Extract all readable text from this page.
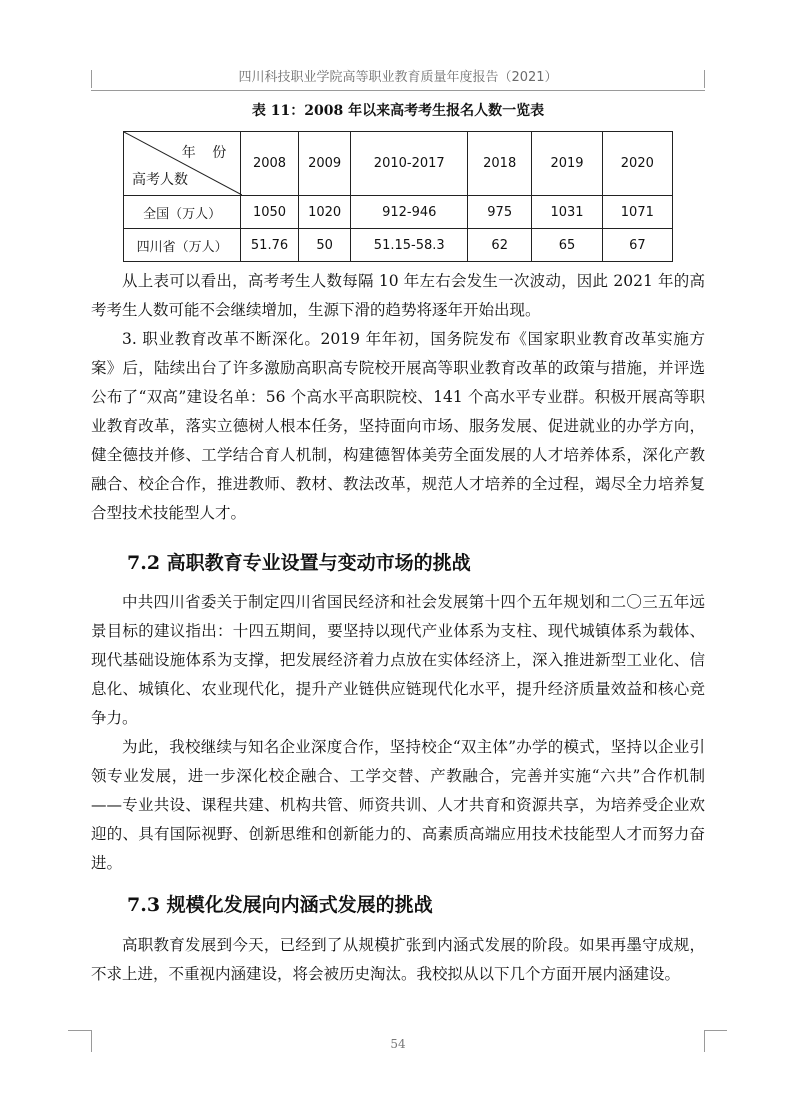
四川科技职业学院高等职业教育质量年度报告（2021）
表 11：2008 年以来高考考生报名人数一览表
年 份
高考人数	2008	2009	2010-2017	2018	2019	2020
全国（万人）	1050	1020	912-946	975	1031	1071
四川省（万人）	51.76	50	51.15-58.3	62	65	67
从上表可以看出，高考考生人数每隔 10 年左右会发生一次波动，因此 2021 年的高考考生人数可能不会继续增加，生源下滑的趋势将逐年开始出现。
3. 职业教育改革不断深化。2019 年年初，国务院发布《国家职业教育改革实施方案》后，陆续出台了许多激励高职高专院校开展高等职业教育改革的政策与措施，并评选公布了“双高”建设名单：56 个高水平高职院校、141 个高水平专业群。积极开展高等职业教育改革，落实立德树人根本任务，坚持面向市场、服务发展、促进就业的办学方向，健全德技并修、工学结合育人机制，构建德智体美劳全面发展的人才培养体系，深化产教融合、校企合作，推进教师、教材、教法改革，规范人才培养的全过程，竭尽全力培养复合型技术技能型人才。
7.2 高职教育专业设置与变动市场的挑战
中共四川省委关于制定四川省国民经济和社会发展第十四个五年规划和二〇三五年远景目标的建议指出：十四五期间，要坚持以现代产业体系为支柱、现代城镇体系为载体、现代基础设施体系为支撑，把发展经济着力点放在实体经济上，深入推进新型工业化、信息化、城镇化、农业现代化，提升产业链供应链现代化水平，提升经济质量效益和核心竞争力。
为此，我校继续与知名企业深度合作，坚持校企“双主体”办学的模式，坚持以企业引领专业发展，进一步深化校企融合、工学交替、产教融合，完善并实施“六共”合作机制——专业共设、课程共建、机构共管、师资共训、人才共育和资源共享，为培养受企业欢迎的、具有国际视野、创新思维和创新能力的、高素质高端应用技术技能型人才而努力奋进。
7.3 规模化发展向内涵式发展的挑战
高职教育发展到今天，已经到了从规模扩张到内涵式发展的阶段。如果再墨守成规，不求上进，不重视内涵建设，将会被历史淘汰。我校拟从以下几个方面开展内涵建设。
54
